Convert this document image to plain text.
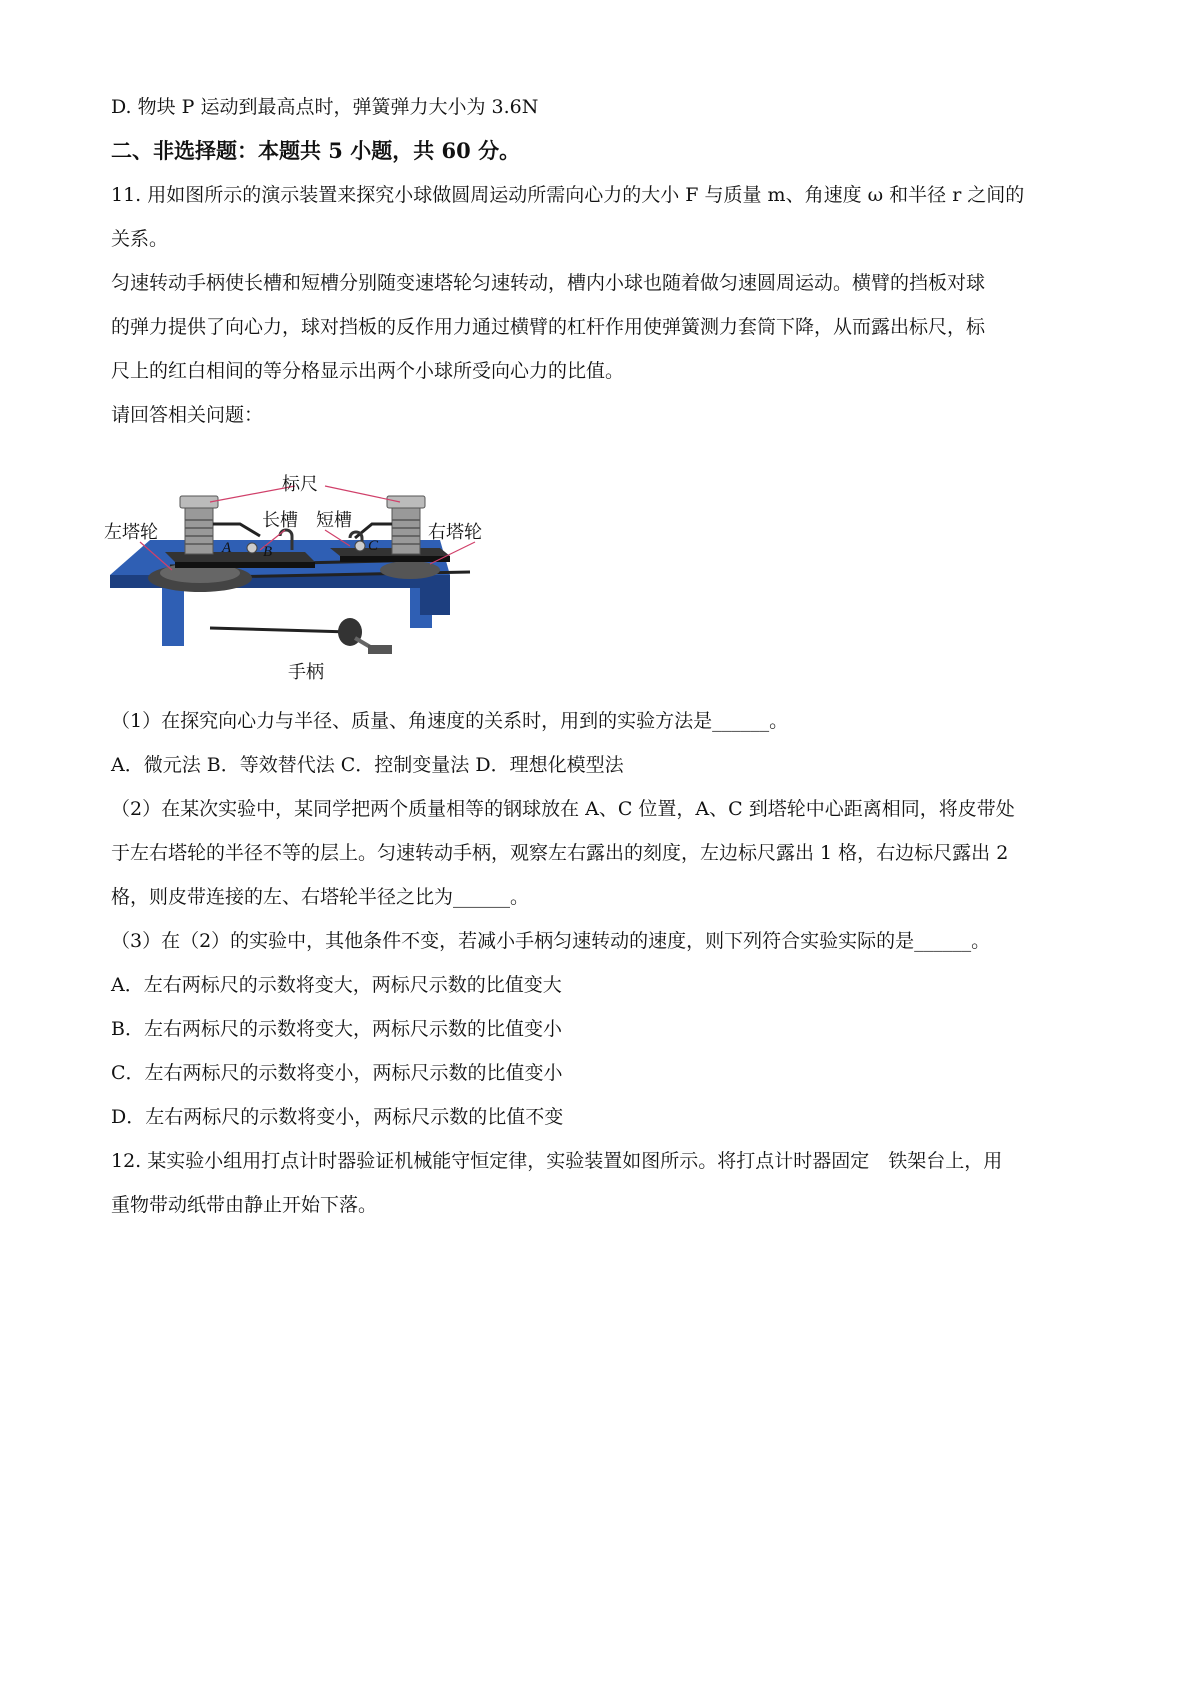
D. 物块 P 运动到最高点时，弹簧弹力大小为 3.6N
二、非选择题：本题共 5 小题，共 60 分。
11. 用如图所示的演示装置来探究小球做圆周运动所需向心力的大小 F 与质量 m、角速度 ω 和半径 r 之间的
关系。
匀速转动手柄使长槽和短槽分别随变速塔轮匀速转动，槽内小球也随着做匀速圆周运动。横臂的挡板对球
的弹力提供了向心力，球对挡板的反作用力通过横臂的杠杆作用使弹簧测力套筒下降，从而露出标尺，标
尺上的红白相间的等分格显示出两个小球所受向心力的比值。
请回答相关问题：
标尺
长槽 短槽
左塔轮	右塔轮
手柄
A B	C
（1）在探究向心力与半径、质量、角速度的关系时，用到的实验方法是______。
A．微元法 B．等效替代法 C．控制变量法 D．理想化模型法
（2）在某次实验中，某同学把两个质量相等的钢球放在 A、C 位置，A、C 到塔轮中心距离相同，将皮带处
于左右塔轮的半径不等的层上。匀速转动手柄，观察左右露出的刻度，左边标尺露出 1 格，右边标尺露出 2
格，则皮带连接的左、右塔轮半径之比为______。
（3）在（2）的实验中，其他条件不变，若减小手柄匀速转动的速度，则下列符合实验实际的是______。
A．左右两标尺的示数将变大，两标尺示数的比值变大
B．左右两标尺的示数将变大，两标尺示数的比值变小
C．左右两标尺的示数将变小，两标尺示数的比值变小
D．左右两标尺的示数将变小，两标尺示数的比值不变
12. 某实验小组用打点计时器验证机械能守恒定律，实验装置如图所示。将打点计时器固定　铁架台上，用
重物带动纸带由静止开始下落。
